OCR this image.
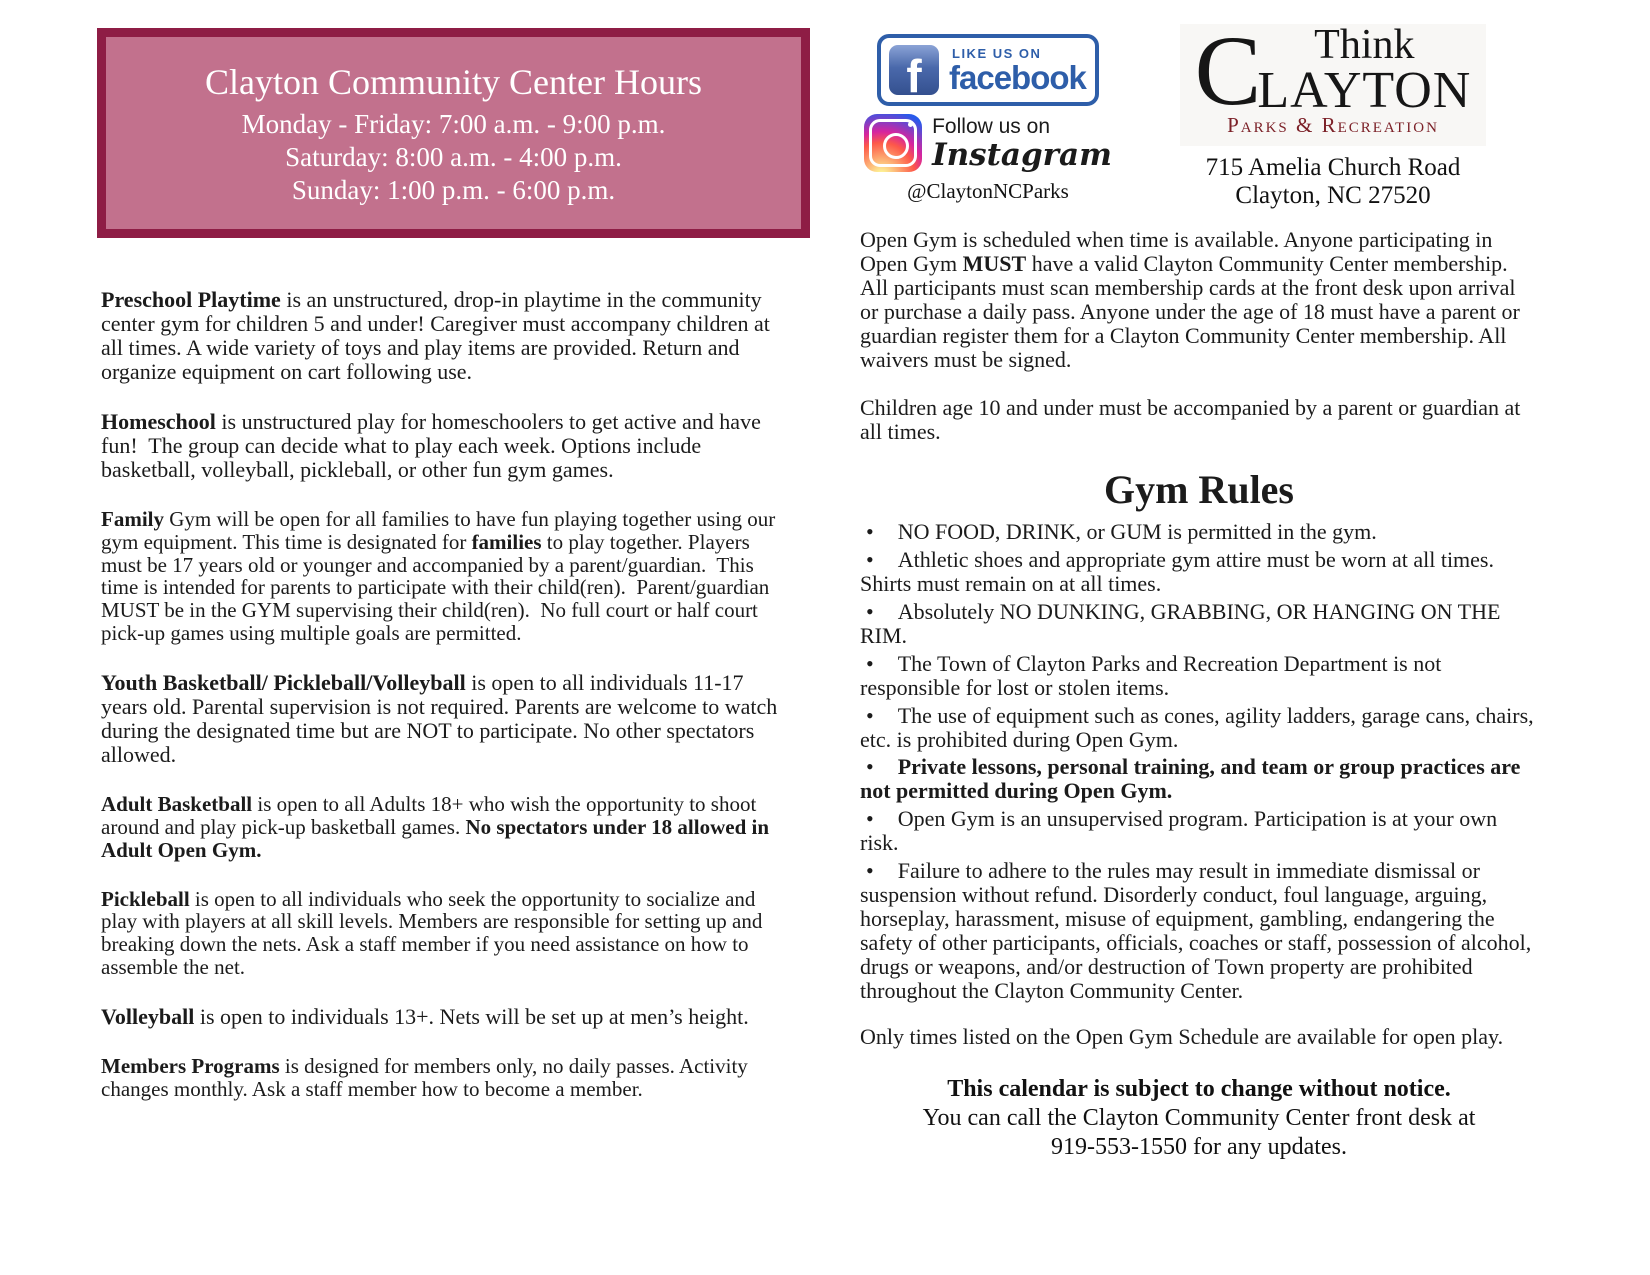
Clayton Community Center Hours

Monday - Friday: 7:00 a.m. - 9:00 p.m.

Saturday: 8:00 a.m. - 4:00 p.m.

Sunday: 1:00 p.m. - 6:00 p.m.

f LIKE US ON
facebook
Follow us on
Instagram
@ClaytonNCParks
C Think
LAYTON
Parks & Recreation
715 Amelia Church Road
Clayton, NC 27520

Preschool Playtime is an unstructured, drop-in playtime in the community center gym for children 5 and under! Caregiver must accompany children at all times. A wide variety of toys and play items are provided. Return and organize equipment on cart following use.

Homeschool is unstructured play for homeschoolers to get active and have fun!  The group can decide what to play each week. Options include basketball, volleyball, pickleball, or other fun gym games.

Family Gym will be open for all families to have fun playing together using our gym equipment. This time is designated for families to play together. Players must be 17 years old or younger and accompanied by a parent/guardian.  This time is intended for parents to participate with their child(ren).  Parent/guardian MUST be in the GYM supervising their child(ren).  No full court or half court pick-up games using multiple goals are permitted.

Youth Basketball/ Pickleball/Volleyball is open to all individuals 11-17 years old. Parental supervision is not required. Parents are welcome to watch during the designated time but are NOT to participate. No other spectators allowed.

Adult Basketball is open to all Adults 18+ who wish the opportunity to shoot around and play pick-up basketball games. No spectators under 18 allowed in Adult Open Gym.

Pickleball is open to all individuals who seek the opportunity to socialize and play with players at all skill levels. Members are responsible for setting up and breaking down the nets. Ask a staff member if you need assistance on how to assemble the net.

Volleyball is open to individuals 13+. Nets will be set up at men’s height.

Members Programs is designed for members only, no daily passes. Activity changes monthly. Ask a staff member how to become a member.

Open Gym is scheduled when time is available. Anyone participating in Open Gym MUST have a valid Clayton Community Center membership. All participants must scan membership cards at the front desk upon arrival or purchase a daily pass. Anyone under the age of 18 must have a parent or guardian register them for a Clayton Community Center membership. All waivers must be signed.

Children age 10 and under must be accompanied by a parent or guardian at all times.

Gym Rules
• NO FOOD, DRINK, or GUM is permitted in the gym.
• Athletic shoes and appropriate gym attire must be worn at all times. Shirts must remain on at all times.
• Absolutely NO DUNKING, GRABBING, OR HANGING ON THE RIM.
• The Town of Clayton Parks and Recreation Department is not responsible for lost or stolen items.
• The use of equipment such as cones, agility ladders, garage cans, chairs, etc. is prohibited during Open Gym.
• Private lessons, personal training, and team or group practices are not permitted during Open Gym.
• Open Gym is an unsupervised program. Participation is at your own risk.
• Failure to adhere to the rules may result in immediate dismissal or suspension without refund. Disorderly conduct, foul language, arguing, horseplay, harassment, misuse of equipment, gambling, endangering the safety of other participants, officials, coaches or staff, possession of alcohol, drugs or weapons, and/or destruction of Town property are prohibited throughout the Clayton Community Center.

Only times listed on the Open Gym Schedule are available for open play.

This calendar is subject to change without notice.
You can call the Clayton Community Center front desk at
919-553-1550 for any updates.
